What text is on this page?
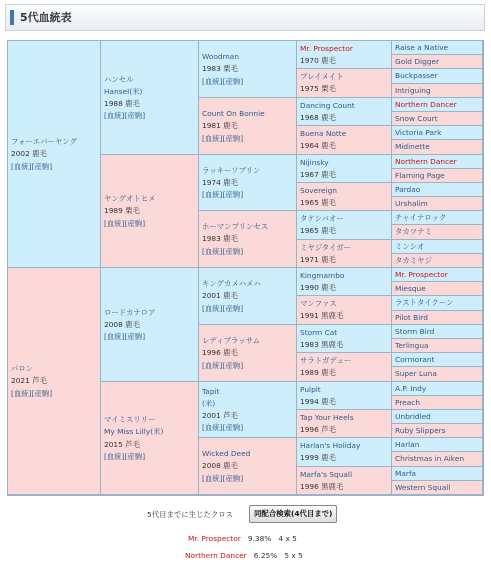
5代血統表
フォーエバーヤング
2002 鹿毛
[血統][産駒]
パロン
2021 芦毛
[血統][産駒]
ハンセル
Hansel(米)
1988 鹿毛
[血統][産駒]
ヤングオトヒメ
1989 栗毛
[血統][産駒]
ロードカナロア
2008 鹿毛
[血統][産駒]
マイミスリリー
My Miss Lilly(米)
2015 芦毛
[血統][産駒]
Woodman
1983 栗毛
[血統][産駒]
Count On Bonnie
1981 鹿毛
[血統][産駒]
ラッキーソブリン
1974 鹿毛
[血統][産駒]
ホーマンプリンセス
1983 鹿毛
[血統][産駒]
キングカメハメハ
2001 鹿毛
[血統][産駒]
レディブラッサム
1996 鹿毛
[血統][産駒]
Tapit
(米)
2001 芦毛
[血統][産駒]
Wicked Deed
2008 鹿毛
[血統][産駒]
Mr. Prospector
1970 鹿毛
プレイメイト
1975 栗毛
Dancing Count
1968 鹿毛
Buena Notte
1964 鹿毛
Nijinsky
1967 鹿毛
Sovereign
1965 鹿毛
タケシバオー
1965 鹿毛
ミヤジタイガー
1971 鹿毛
Kingmambo
1990 鹿毛
マンファス
1991 黒鹿毛
Storm Cat
1983 黒鹿毛
サラトガデュー
1989 鹿毛
Pulpit
1994 鹿毛
Tap Your Heels
1996 芦毛
Harlan's Holiday
1999 鹿毛
Marfa's Squall
1996 黒鹿毛
Raise a Native
Gold Digger
Buckpasser
Intriguing
Northern Dancer
Snow Court
Victoria Park
Midinette
Northern Dancer
Flaming Page
Pardao
Urshalim
チャイナロック
タカツナミ
ミンシオ
タカミヤジ
Mr. Prospector
Miesque
ラストタイクーン
Pilot Bird
Storm Bird
Terlingua
Cormorant
Super Luna
A.P. Indy
Preach
Unbridled
Ruby Slippers
Harlan
Christmas in Aiken
Marfa
Western Squall
5代目までに生じたクロス	同配合検索(4代目まで)
Mr. Prospector 9.38% 4 x 5
Northern Dancer 6.25% 5 x 5
